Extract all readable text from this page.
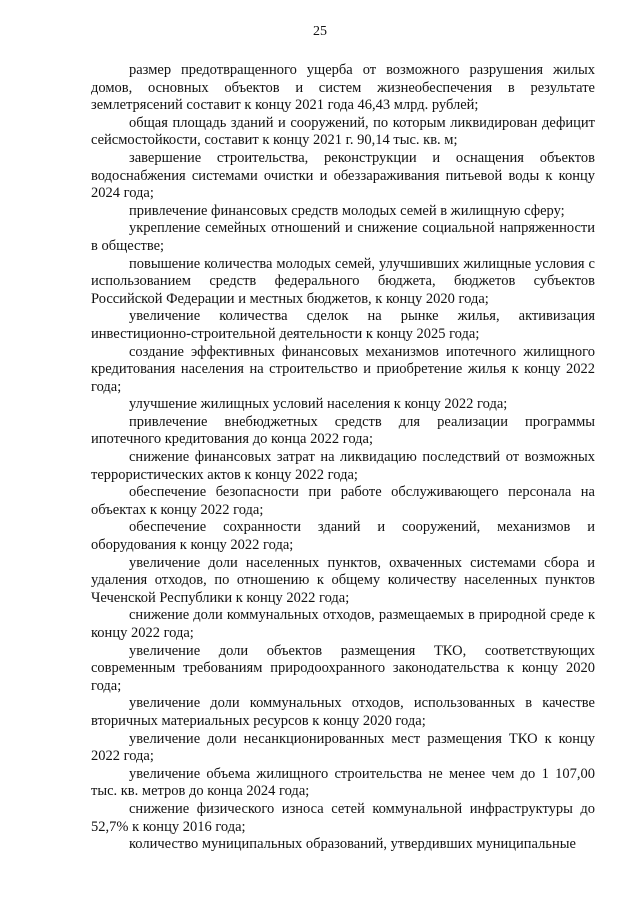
25

размер предотвращенного ущерба от возможного разрушения жилых домов, основных объектов и систем жизнеобеспечения в результате землетрясений составит к концу 2021 года 46,43 млрд. рублей;

общая площадь зданий и сооружений, по которым ликвидирован дефицит сейсмостойкости, составит к концу 2021 г. 90,14 тыс. кв. м;

завершение строительства, реконструкции и оснащения объектов водоснабжения системами очистки и обеззараживания питьевой воды к концу 2024 года;

привлечение финансовых средств молодых семей в жилищную сферу;

укрепление семейных отношений и снижение социальной напряженности в обществе;

повышение количества молодых семей, улучшивших жилищные условия с использованием средств федерального бюджета, бюджетов субъектов Российской Федерации и местных бюджетов, к концу 2020 года;

увеличение количества сделок на рынке жилья, активизация инвестиционно-строительной деятельности к концу 2025 года;

создание эффективных финансовых механизмов ипотечного жилищного кредитования населения на строительство и приобретение жилья к концу 2022 года;

улучшение жилищных условий населения к концу 2022 года;

привлечение внебюджетных средств для реализации программы ипотечного кредитования до конца 2022 года;

снижение финансовых затрат на ликвидацию последствий от возможных террористических актов к концу 2022 года;

обеспечение безопасности при работе обслуживающего персонала на объектах к концу 2022 года;

обеспечение сохранности зданий и сооружений, механизмов и оборудования к концу 2022 года;

увеличение доли населенных пунктов, охваченных системами сбора и удаления отходов, по отношению к общему количеству населенных пунктов Чеченской Республики к концу 2022 года;

снижение доли коммунальных отходов, размещаемых в природной среде к концу 2022 года;

увеличение доли объектов размещения ТКО, соответствующих современным требованиям природоохранного законодательства к концу 2020 года;

увеличение доли коммунальных отходов, использованных в качестве вторичных материальных ресурсов к концу 2020 года;

увеличение доли несанкционированных мест размещения ТКО к концу 2022 года;

увеличение объема жилищного строительства не менее чем до 1 107,00 тыс. кв. метров до конца 2024 года;

снижение физического износа сетей коммунальной инфраструктуры до 52,7% к концу 2016 года;

количество муниципальных образований, утвердивших муниципальные
